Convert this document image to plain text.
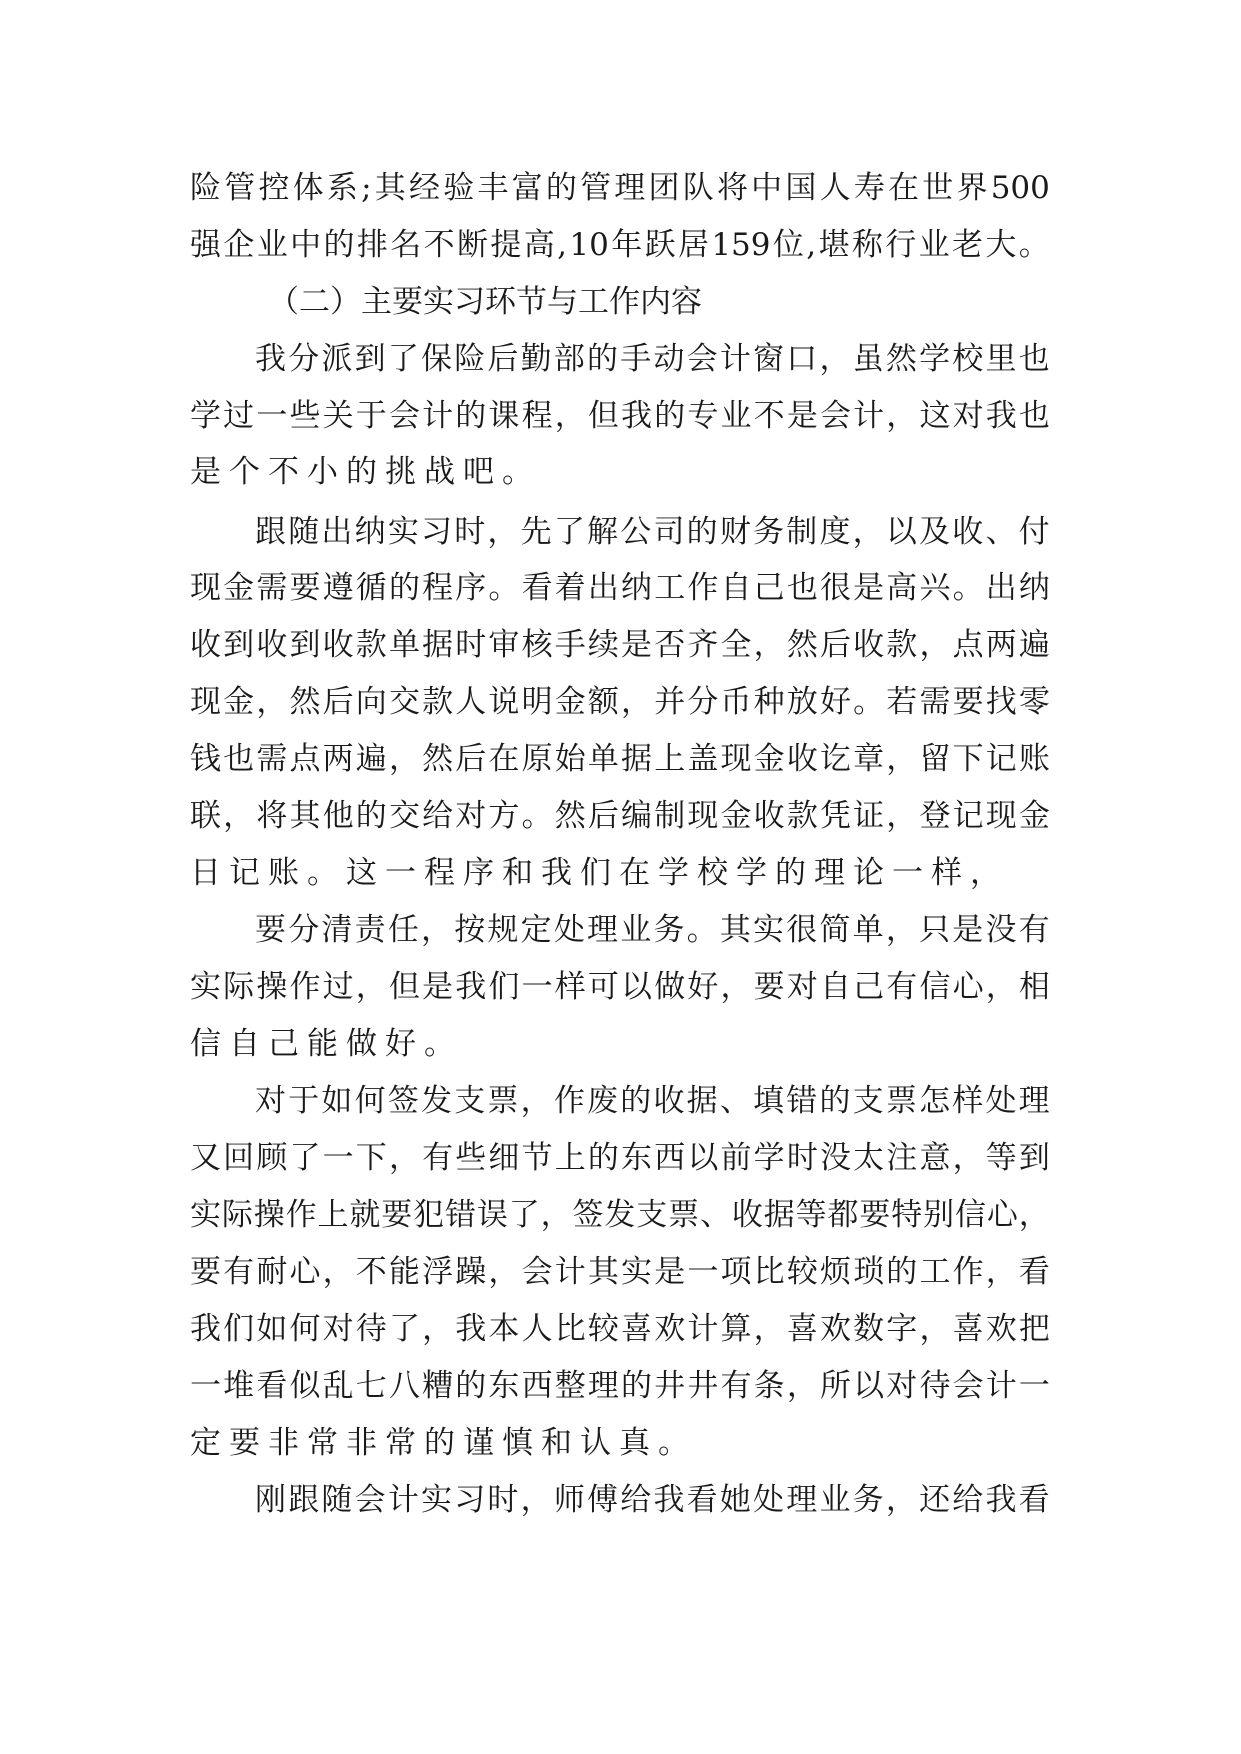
险 管 控 体 系 ; 其 经 验 丰 富 的 管 理 团 队 将 中 国 人 寿 在 世 界 500
强 企 业 中 的 排 名 不 断 提 高 , 10 年 跃 居 159 位 , 堪 称 行 业 老 大 。
（二）主要实习环节与工作内容
我 分 派 到 了 保 险 后 勤 部 的 手 动 会 计 窗 口 ， 虽 然 学 校 里 也
学 过 一 些 关 于 会 计 的 课 程 ， 但 我 的 专 业 不 是 会 计 ， 这 对 我 也
是个不小的挑战吧。
跟 随 出 纳 实 习 时 ， 先 了 解 公 司 的 财 务 制 度 ， 以 及 收 、 付
现 金 需 要 遵 循 的 程 序 。 看 着 出 纳 工 作 自 己 也 很 是 高 兴 。 出 纳
收 到 收 到 收 款 单 据 时 审 核 手 续 是 否 齐 全 ， 然 后 收 款 ， 点 两 遍
现 金 ， 然 后 向 交 款 人 说 明 金 额 ， 并 分 币 种 放 好 。 若 需 要 找 零
钱 也 需 点 两 遍 ， 然 后 在 原 始 单 据 上 盖 现 金 收 讫 章 ， 留 下 记 账
联 ， 将 其 他 的 交 给 对 方 。 然 后 编 制 现 金 收 款 凭 证 ， 登 记 现 金
日记账。这一程序和我们在学校学的理论一样，
要 分 清 责 任 ， 按 规 定 处 理 业 务 。 其 实 很 简 单 ， 只 是 没 有
实 际 操 作 过 ， 但 是 我 们 一 样 可 以 做 好 ， 要 对 自 己 有 信 心 ， 相
信自己能做好。
对 于 如 何 签 发 支 票 ， 作 废 的 收 据 、 填 错 的 支 票 怎 样 处 理
又 回 顾 了 一 下 ， 有 些 细 节 上 的 东 西 以 前 学 时 没 太 注 意 ， 等 到
实 际 操 作 上 就 要 犯 错 误 了 ， 签 发 支 票 、 收 据 等 都 要 特 别 信 心 ，
要 有 耐 心 ， 不 能 浮 躁 ， 会 计 其 实 是 一 项 比 较 烦 琐 的 工 作 ， 看
我 们 如 何 对 待 了 ， 我 本 人 比 较 喜 欢 计 算 ， 喜 欢 数 字 ， 喜 欢 把
一 堆 看 似 乱 七 八 糟 的 东 西 整 理 的 井 井 有 条 ， 所 以 对 待 会 计 一
定要非常非常的谨慎和认真。
刚 跟 随 会 计 实 习 时 ， 师 傅 给 我 看 她 处 理 业 务 ， 还 给 我 看
